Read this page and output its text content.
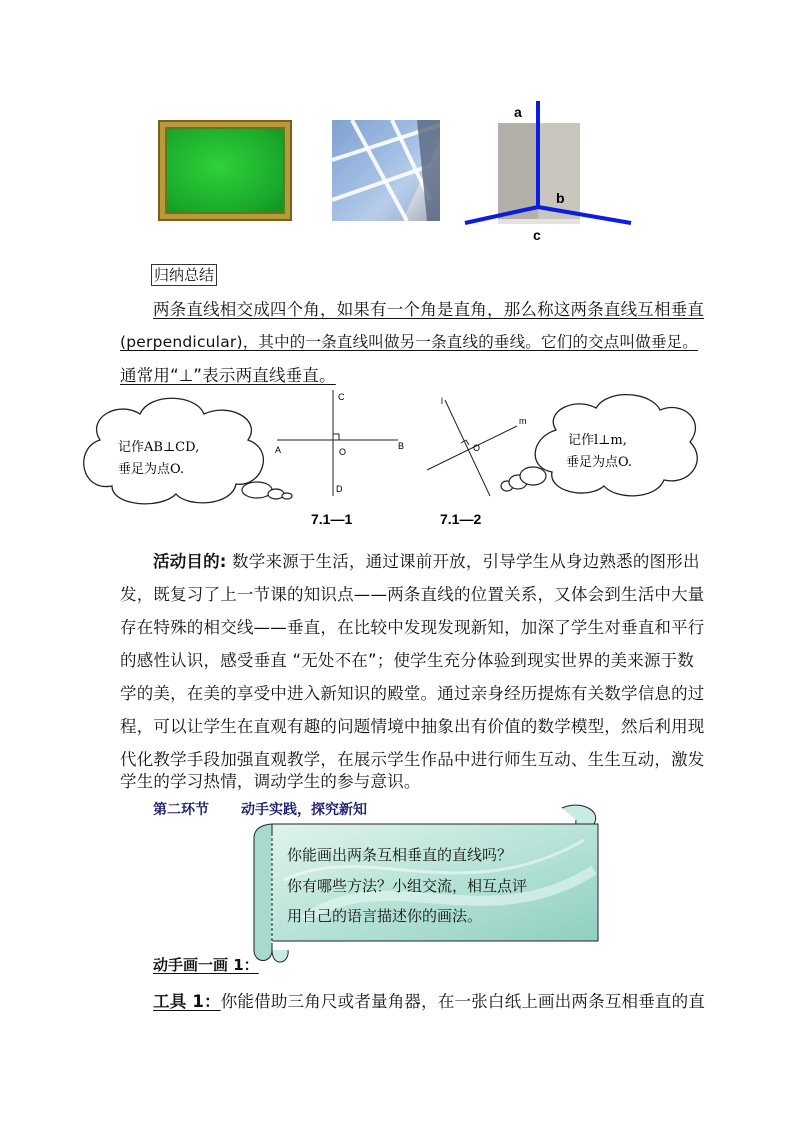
a
b
c
归纳总结
两条直线相交成四个角，如果有一个角是直角，那么称这两条直线互相垂直
(perpendicular)，其中的一条直线叫做另一条直线的垂线。它们的交点叫做垂足。
通常用“⊥”表示两直线垂直。
记作AB⊥CD,
垂足为点O.
C
A	O
B
D
l
m
O	记作l⊥m,
垂足为点O.
7.1—1	7.1—2
活动目的: 数学来源于生活，通过课前开放，引导学生从身边熟悉的图形出
发，既复习了上一节课的知识点——两条直线的位置关系，又体会到生活中大量
存在特殊的相交线——垂直，在比较中发现发现新知，加深了学生对垂直和平行
的感性认识，感受垂直 “无处不在”；使学生充分体验到现实世界的美来源于数
学的美，在美的享受中进入新知识的殿堂。通过亲身经历提炼有关数学信息的过
程，可以让学生在直观有趣的问题情境中抽象出有价值的数学模型，然后利用现
代化教学手段加强直观教学，在展示学生作品中进行师生互动、生生互动，激发
学生的学习热情，调动学生的参与意识。
第二环节 动手实践，探究新知
你能画出两条互相垂直的直线吗？
你有哪些方法？小组交流，相互点评
用自己的语言描述你的画法。
动手画一画 1：
工具 1：你能借助三角尺或者量角器，在一张白纸上画出两条互相垂直的直
